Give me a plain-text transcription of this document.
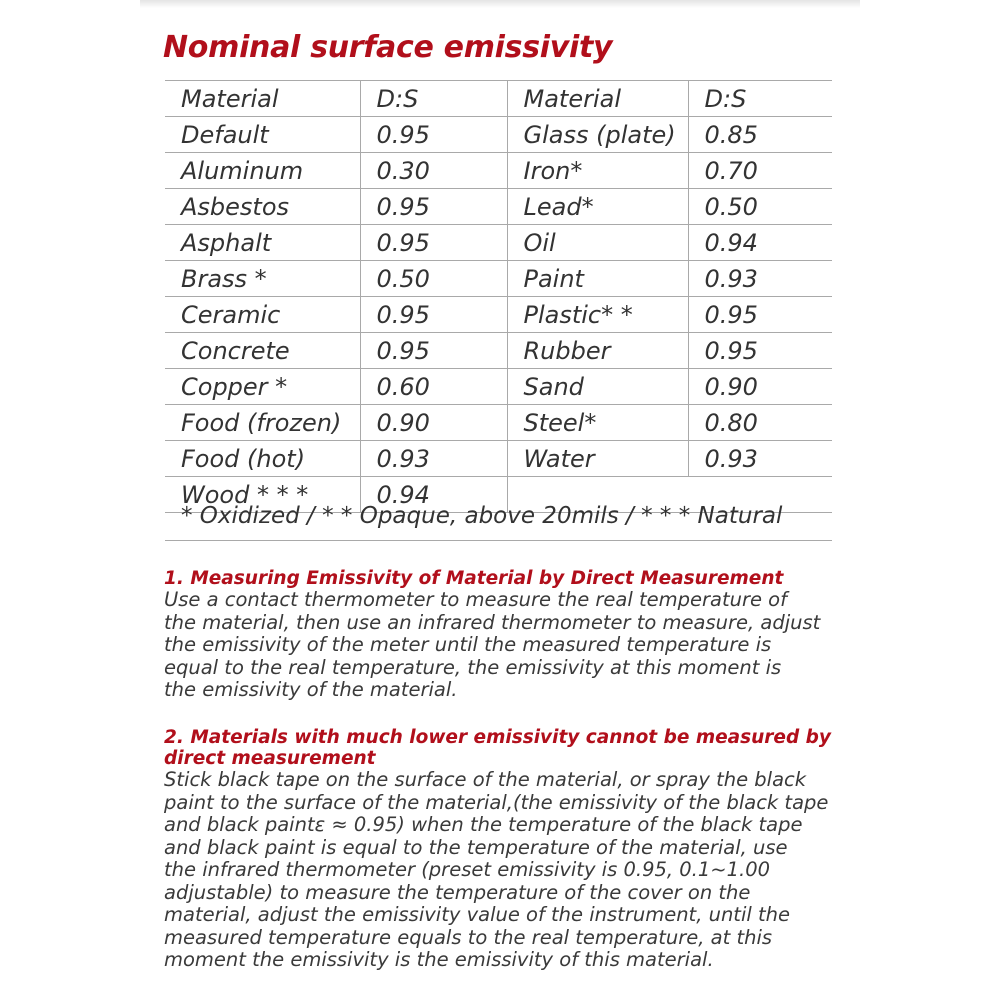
Nominal surface emissivity
Material	D:S	Material	D:S
Default	0.95	Glass (plate)	0.85
Aluminum	0.30	Iron*	0.70
Asbestos	0.95	Lead*	0.50
Asphalt	0.95	Oil	0.94
Brass *	0.50	Paint	0.93
Ceramic	0.95	Plastic* *	0.95
Concrete	0.95	Rubber	0.95
Copper *	0.60	Sand	0.90
Food (frozen)	0.90	Steel*	0.80
Food (hot)	0.93	Water	0.93
Wood * * *	0.94		
* Oxidized / * * Opaque, above 20mils / * * * Natural
1. Measuring Emissivity of Material by Direct Measurement
Use a contact thermometer to measure the real temperature of
the material, then use an infrared thermometer to measure, adjust
the emissivity of the meter until the measured temperature is
equal to the real temperature, the emissivity at this moment is
the emissivity of the material.
2. Materials with much lower emissivity cannot be measured by
direct measurement
Stick black tape on the surface of the material, or spray the black
paint to the surface of the material,(the emissivity of the black tape
and black paintε ≈ 0.95) when the temperature of the black tape
and black paint is equal to the temperature of the material, use
the infrared thermometer (preset emissivity is 0.95, 0.1~1.00
adjustable) to measure the temperature of the cover on the
material, adjust the emissivity value of the instrument, until the
measured temperature equals to the real temperature, at this
moment the emissivity is the emissivity of this material.
